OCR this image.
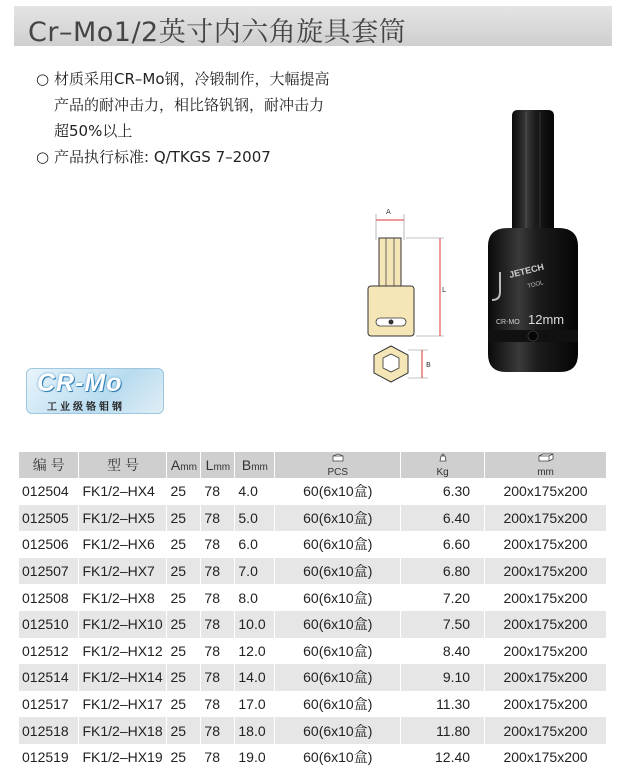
Cr–Mo1/2英寸内六角旋具套筒
○ 材质采用CR–Mo钢，冷锻制作，大幅提高
产品的耐冲击力，相比铬钒钢，耐冲击力
超50%以上
○ 产品执行标准: Q/TKGS 7–2007
A
L
B
JETECH
TOOL
CR-MO 12mm
CR-Mo
工业级铬钼钢
编 号	型 号	Amm	Lmm	Bmm	PCS	Kg	mm
012504	FK1/2–HX4	25	78	4.0	60(6x10盒)	6.30	200x175x200
012505	FK1/2–HX5	25	78	5.0	60(6x10盒)	6.40	200x175x200
012506	FK1/2–HX6	25	78	6.0	60(6x10盒)	6.60	200x175x200
012507	FK1/2–HX7	25	78	7.0	60(6x10盒)	6.80	200x175x200
012508	FK1/2–HX8	25	78	8.0	60(6x10盒)	7.20	200x175x200
012510	FK1/2–HX10	25	78	10.0	60(6x10盒)	7.50	200x175x200
012512	FK1/2–HX12	25	78	12.0	60(6x10盒)	8.40	200x175x200
012514	FK1/2–HX14	25	78	14.0	60(6x10盒)	9.10	200x175x200
012517	FK1/2–HX17	25	78	17.0	60(6x10盒)	11.30	200x175x200
012518	FK1/2–HX18	25	78	18.0	60(6x10盒)	11.80	200x175x200
012519	FK1/2–HX19	25	78	19.0	60(6x10盒)	12.40	200x175x200
